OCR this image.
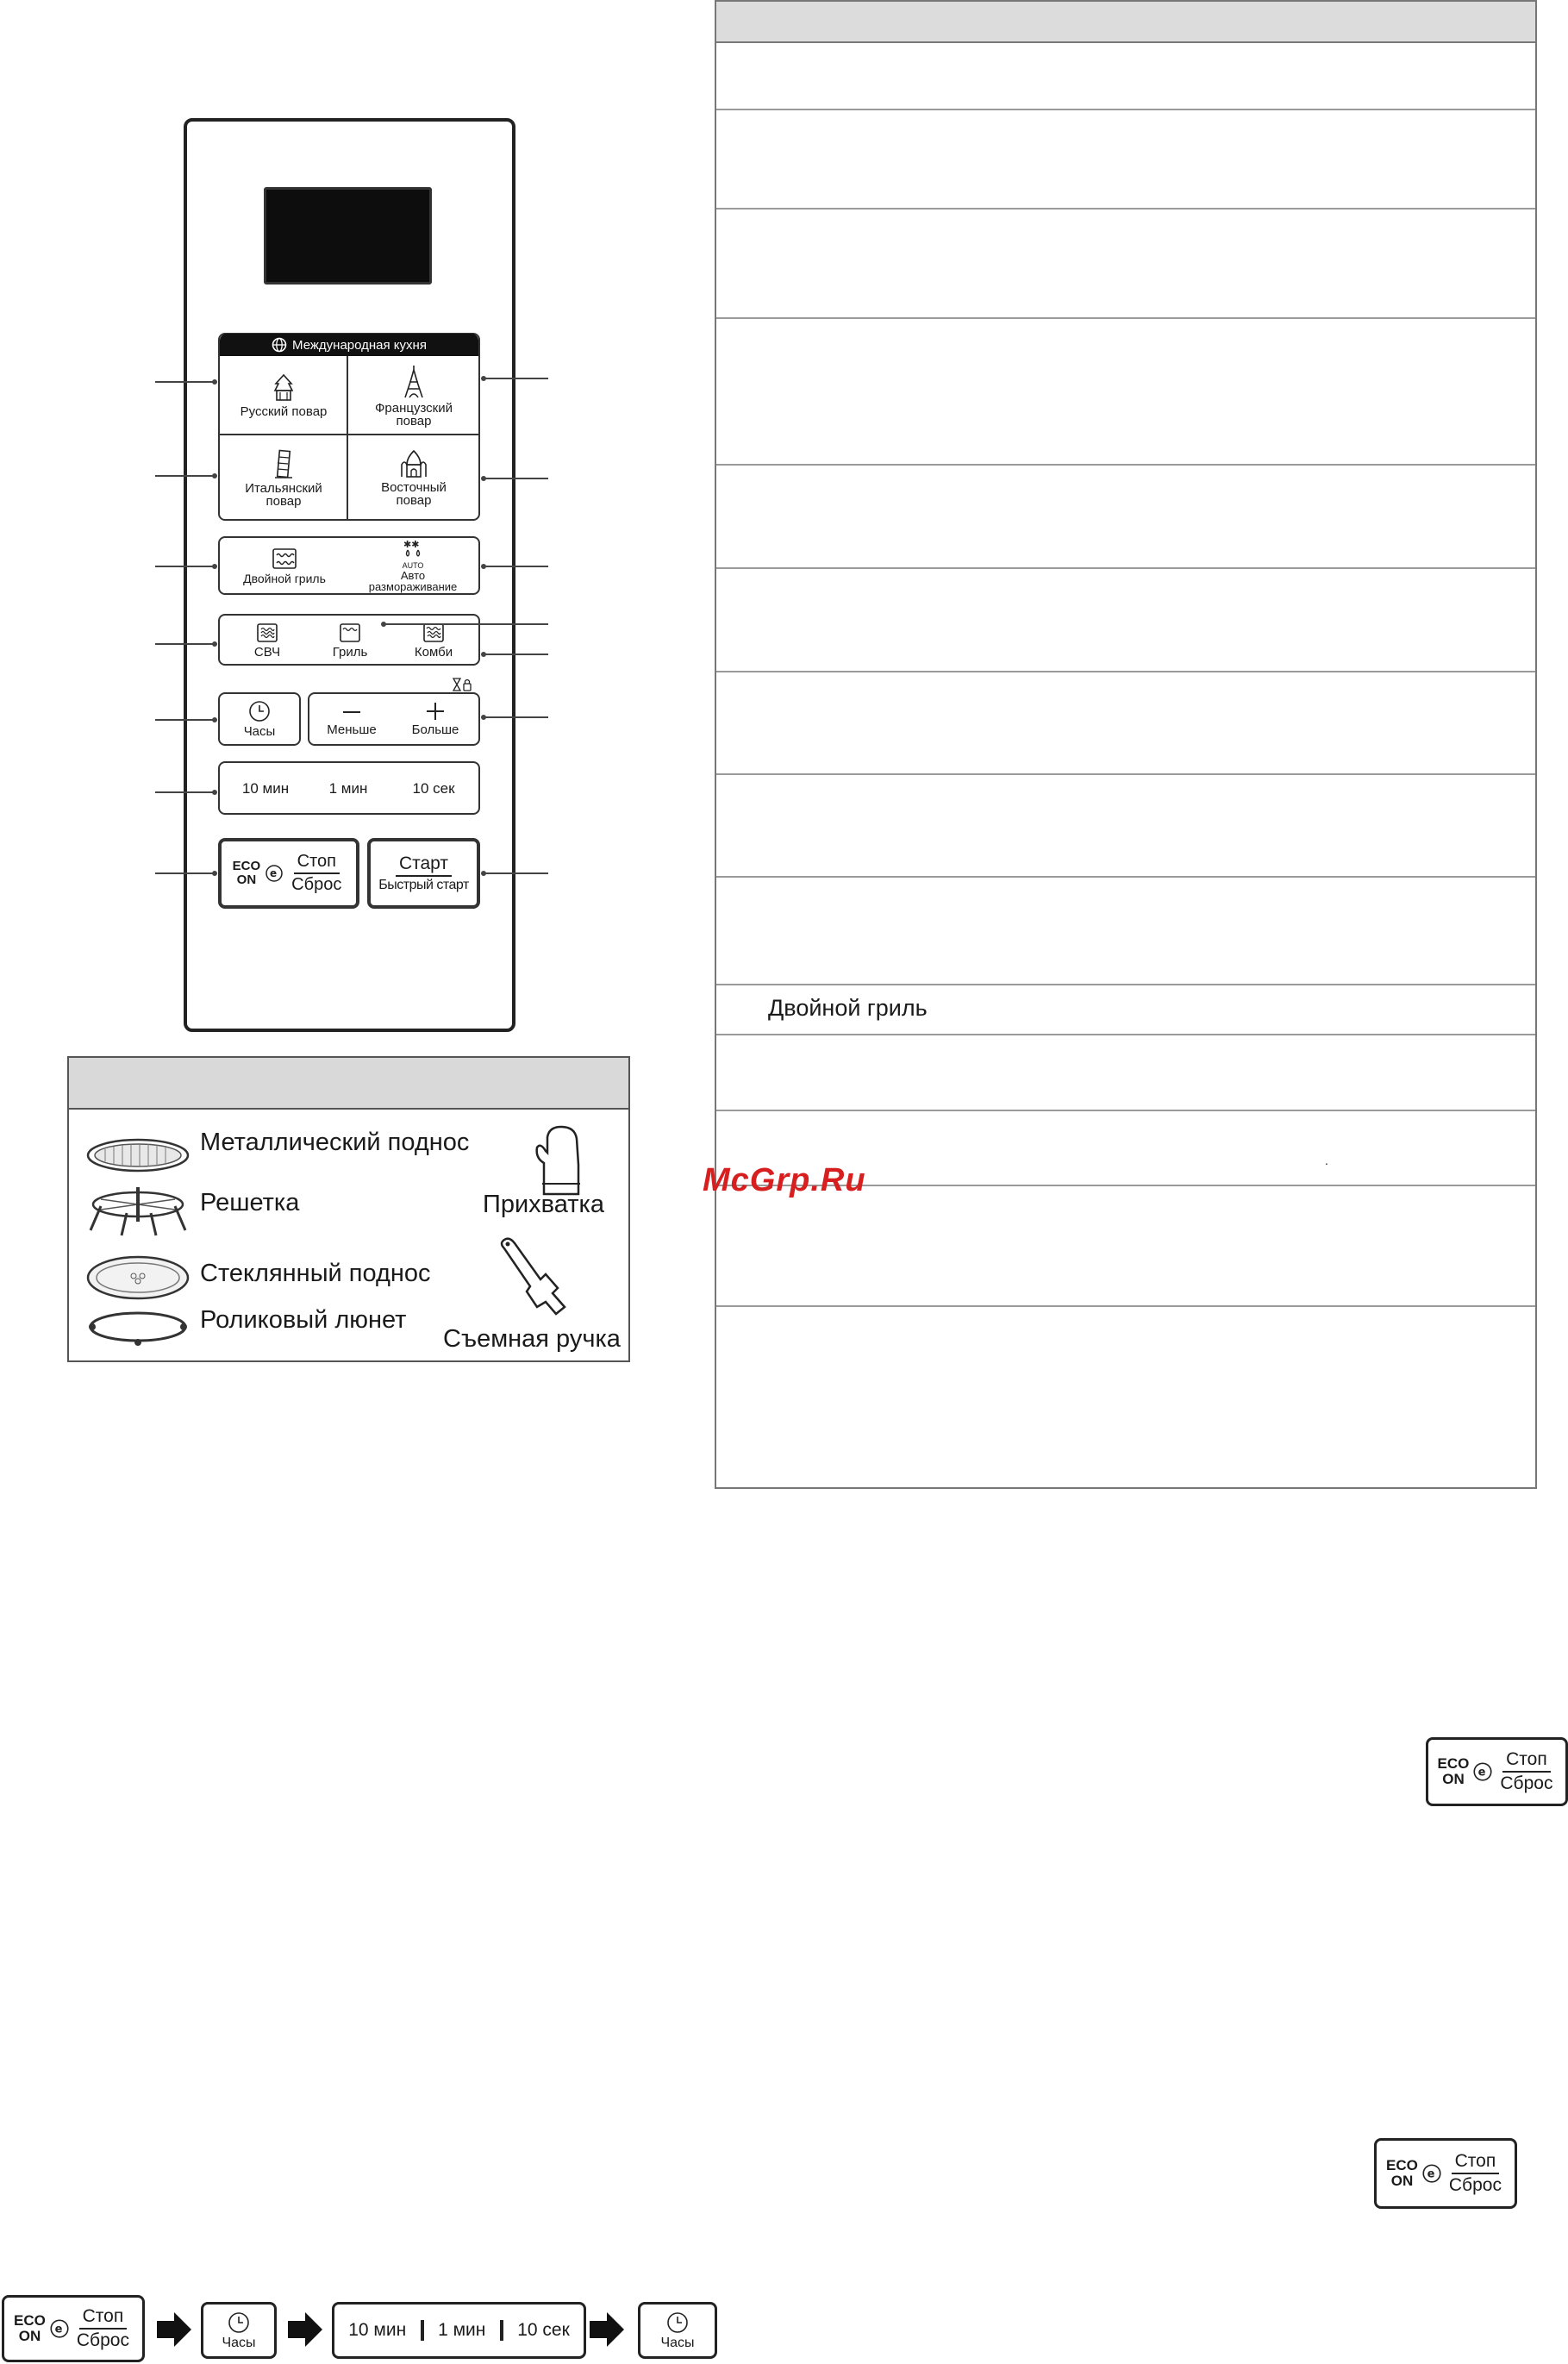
Международная кухня
Русский повар	Французский повар
Итальянский повар
Восточный повар
Двойной гриль
✱✱
AUTO
Авто
размораживание
СВЧ	Гриль	Комби
Часы	Меньше	Больше
10 мин	1 мин	10 сек
ECO
ON e $\frac{\text{Стоп}}{\text{Сброс}} \frac{\text{Старт}}{\text{Быстрый старт}}$
Металлический поднос
Решетка
Стеклянный поднос
Роликовый люнет
Прихватка
Съемная ручка
Двойной гриль
.
McGrp.Ru
ECO
ON e $\frac{\text{Стоп}}{\text{Сброс}}$
ECO
ON e $\frac{\text{Стоп}}{\text{Сброс}}$
ECO
ON e $\frac{\text{Стоп}}{\text{Сброс}}$	Часы
10 мин 1 мин 10 сек
Часы
